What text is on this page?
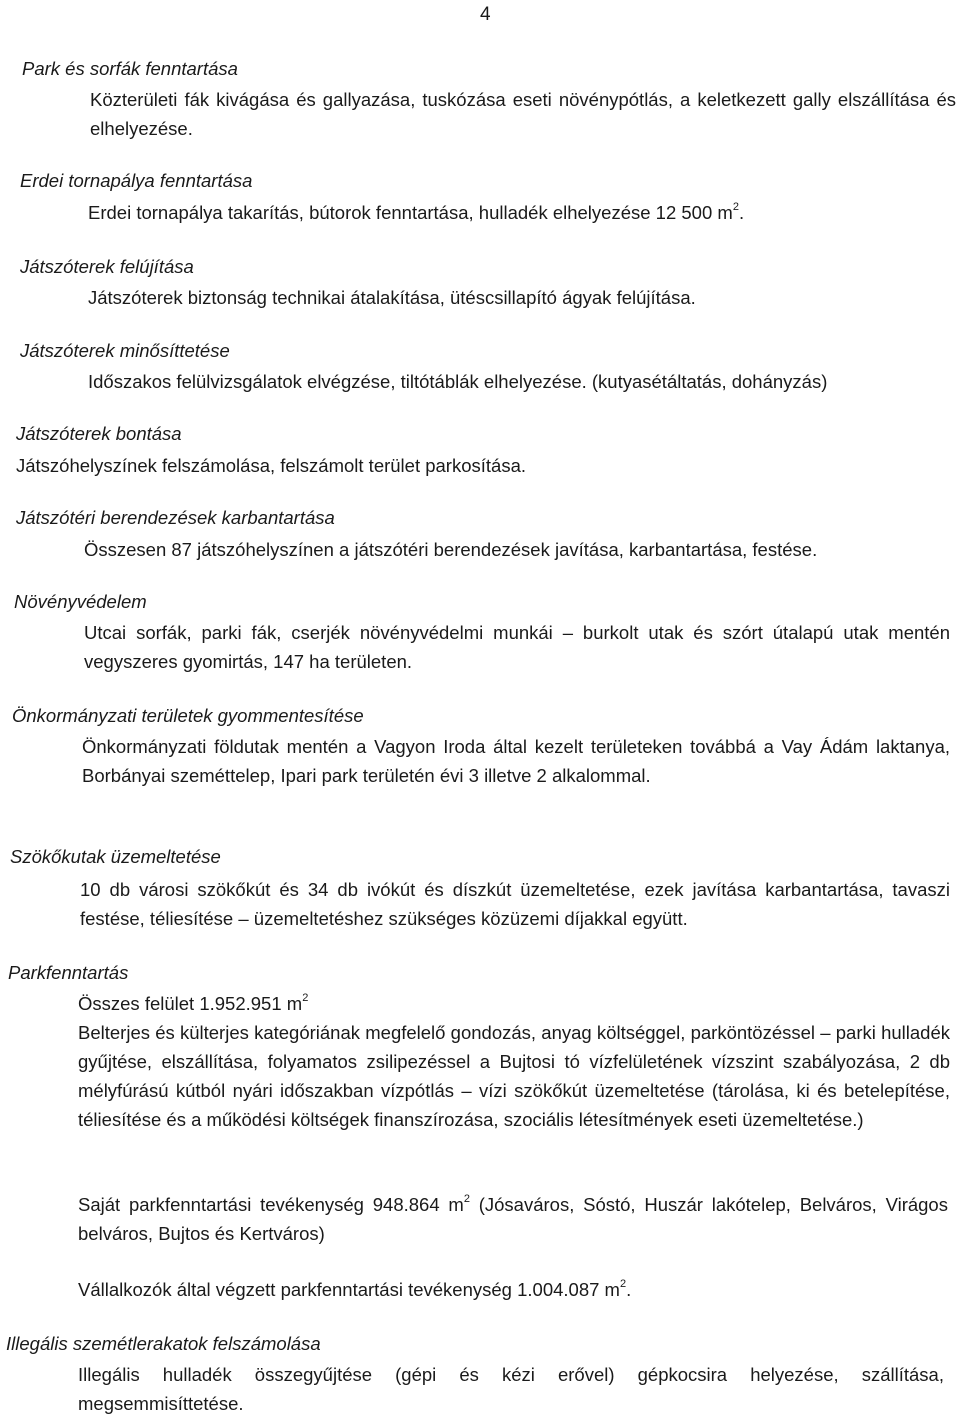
4
Park és sorfák fenntartása

Közterületi fák kivágása és gallyazása, tuskózása eseti növénypótlás, a keletkezett gally elszállítása és elhelyezése.

Erdei tornapálya fenntartása
Erdei tornapálya takarítás, bútorok fenntartása, hulladék elhelyezése 12 500 $m^2$.
Játszóterek felújítása
Játszóterek biztonság technikai átalakítása, ütéscsillapító ágyak felújítása.
Játszóterek minősíttetése
Időszakos felülvizsgálatok elvégzése, tiltótáblák elhelyezése. (kutyasétáltatás, dohányzás)
Játszóterek bontása
Játszóhelyszínek felszámolása, felszámolt terület parkosítása.
Játszótéri berendezések karbantartása
Összesen 87 játszóhelyszínen a játszótéri berendezések javítása, karbantartása, festése.
Növényvédelem

Utcai sorfák, parki fák, cserjék növényvédelmi munkái – burkolt utak és szórt útalapú utak mentén vegyszeres gyomirtás, 147 ha területen.

Önkormányzati területek gyommentesítése

Önkormányzati földutak mentén a Vagyon Iroda által kezelt területeken továbbá a Vay Ádám laktanya, Borbányai szeméttelep, Ipari park területén évi 3 illetve 2 alkalommal.

Szökőkutak üzemeltetése

10 db városi szökőkút és 34 db ivókút és díszkút üzemeltetése, ezek javítása karbantartása, tavaszi festése, téliesítése – üzemeltetéshez szükséges közüzemi díjakkal együtt.

Parkfenntartás
Összes felület 1.952.951 $m^2$

Belterjes és külterjes kategóriának megfelelő gondozás, anyag költséggel, parköntözéssel – parki hulladék gyűjtése, elszállítása, folyamatos zsilipezéssel a Bujtosi tó vízfelületének vízszint szabályozása, 2 db mélyfúrású kútból nyári időszakban vízpótlás – vízi szökőkút üzemeltetése (tárolása, ki és betelepítése, téliesítése és a működési költségek finanszírozása, szociális létesítmények eseti üzemeltetése.)

Saját parkfenntartási tevékenység 948.864 $m^2$ (Jósaváros, Sóstó, Huszár lakótelep, Belváros, Virágos belváros, Bujtos és Kertváros)

Vállalkozók által végzett parkfenntartási tevékenység 1.004.087 $m^2$.
Illegális szemétlerakatok felszámolása

Illegális hulladék összegyűjtése (gépi és kézi erővel) gépkocsira helyezése, szállítása, megsemmisíttetése.
